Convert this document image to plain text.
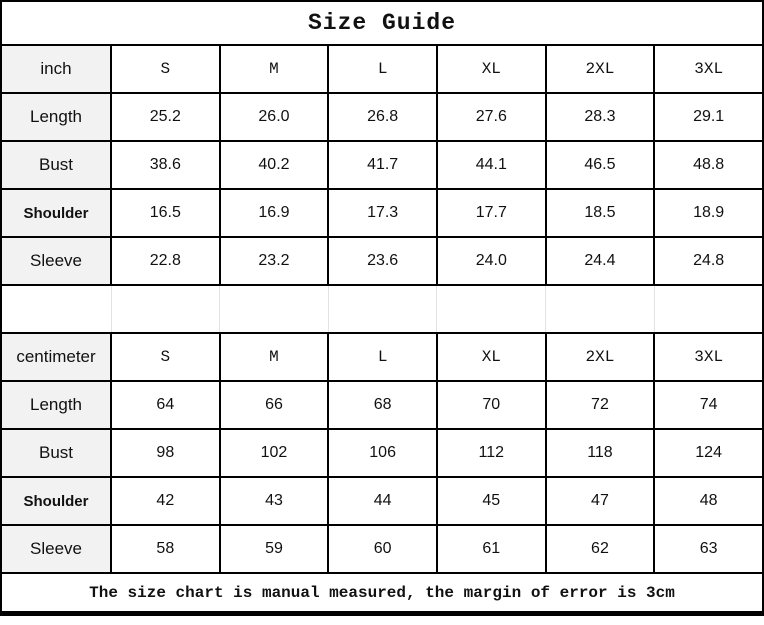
Size Guide						
inch	S	M	L	XL	2XL	3XL
Length	25.2	26.0	26.8	27.6	28.3	29.1
Bust	38.6	40.2	41.7	44.1	46.5	48.8
Shoulder	16.5	16.9	17.3	17.7	18.5	18.9
Sleeve	22.8	23.2	23.6	24.0	24.4	24.8

centimeter	S	M	L	XL	2XL	3XL
Length	64	66	68	70	72	74
Bust	98	102	106	112	118	124
Shoulder	42	43	44	45	47	48
Sleeve	58	59	60	61	62	63
The size chart is manual measured, the margin of error is 3cm						
